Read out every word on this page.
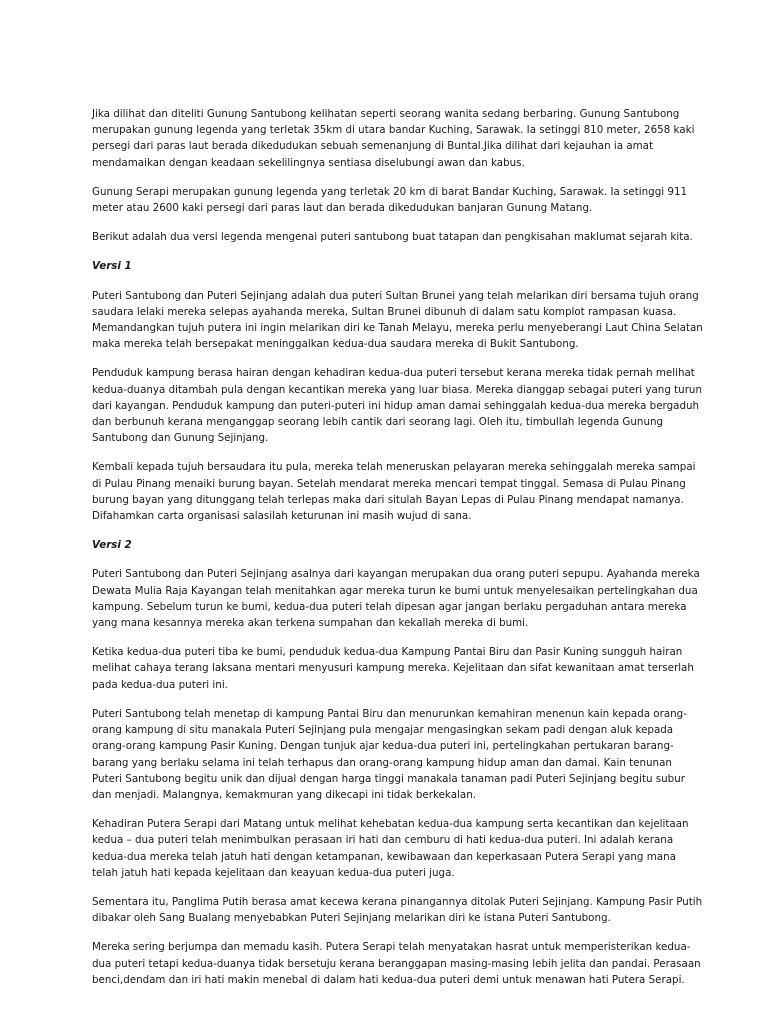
Jika dilihat dan diteliti Gunung Santubong kelihatan seperti seorang wanita sedang berbaring. Gunung Santubong merupakan gunung legenda yang terletak 35km di utara bandar Kuching, Sarawak. Ia setinggi 810 meter, 2658 kaki persegi dari paras laut berada dikedudukan sebuah semenanjung di Buntal.Jika dilihat dari kejauhan ia amat mendamaikan dengan keadaan sekelilingnya sentiasa diselubungi awan dan kabus.

Gunung Serapi merupakan gunung legenda yang terletak 20 km di barat Bandar Kuching, Sarawak. Ia setinggi 911 meter atau 2600 kaki persegi dari paras laut dan berada dikedudukan banjaran Gunung Matang.

Berikut adalah dua versi legenda mengenai puteri santubong buat tatapan dan pengkisahan maklumat sejarah kita.

Versi 1

Puteri Santubong dan Puteri Sejinjang adalah dua puteri Sultan Brunei yang telah melarikan diri bersama tujuh orang saudara lelaki mereka selepas ayahanda mereka, Sultan Brunei dibunuh di dalam satu komplot rampasan kuasa. Memandangkan tujuh putera ini ingin melarikan diri ke Tanah Melayu, mereka perlu menyeberangi Laut China Selatan maka mereka telah bersepakat meninggalkan kedua-dua saudara mereka di Bukit Santubong.

Penduduk kampung berasa hairan dengan kehadiran kedua-dua puteri tersebut kerana mereka tidak pernah melihat kedua-duanya ditambah pula dengan kecantikan mereka yang luar biasa. Mereka dianggap sebagai puteri yang turun dari kayangan. Penduduk kampung dan puteri-puteri ini hidup aman damai sehinggalah kedua-dua mereka bergaduh dan berbunuh kerana menganggap seorang lebih cantik dari seorang lagi. Oleh itu, timbullah legenda Gunung Santubong dan Gunung Sejinjang.

Kembali kepada tujuh bersaudara itu pula, mereka telah meneruskan pelayaran mereka sehinggalah mereka sampai di Pulau Pinang menaiki burung bayan. Setelah mendarat mereka mencari tempat tinggal. Semasa di Pulau Pinang burung bayan yang ditunggang telah terlepas maka dari situlah Bayan Lepas di Pulau Pinang mendapat namanya. Difahamkan carta organisasi salasilah keturunan ini masih wujud di sana.

Versi 2

Puteri Santubong dan Puteri Sejinjang asalnya dari kayangan merupakan dua orang puteri sepupu. Ayahanda mereka Dewata Mulia Raja Kayangan telah menitahkan agar mereka turun ke bumi untuk menyelesaikan pertelingkahan dua kampung. Sebelum turun ke bumi, kedua-dua puteri telah dipesan agar jangan berlaku pergaduhan antara mereka yang mana kesannya mereka akan terkena sumpahan dan kekallah mereka di bumi.

Ketika kedua-dua puteri tiba ke bumi, penduduk kedua-dua Kampung Pantai Biru dan Pasir Kuning sungguh hairan melihat cahaya terang laksana mentari menyusuri kampung mereka. Kejelitaan dan sifat kewanitaan amat terserlah pada kedua-dua puteri ini.

Puteri Santubong telah menetap di kampung Pantai Biru dan menurunkan kemahiran menenun kain kepada orang-orang kampung di situ manakala Puteri Sejinjang pula mengajar mengasingkan sekam padi dengan aluk kepada orang-orang kampung Pasir Kuning. Dengan tunjuk ajar kedua-dua puteri ini, pertelingkahan pertukaran barang-barang yang berlaku selama ini telah terhapus dan orang-orang kampung hidup aman dan damai. Kain tenunan Puteri Santubong begitu unik dan dijual dengan harga tinggi manakala tanaman padi Puteri Sejinjang begitu subur dan menjadi. Malangnya, kemakmuran yang dikecapi ini tidak berkekalan.

Kehadiran Putera Serapi dari Matang untuk melihat kehebatan kedua-dua kampung serta kecantikan dan kejelitaan kedua – dua puteri telah menimbulkan perasaan iri hati dan cemburu di hati kedua-dua puteri. Ini adalah kerana kedua-dua mereka telah jatuh hati dengan ketampanan, kewibawaan dan keperkasaan Putera Serapi yang mana telah jatuh hati kepada kejelitaan dan keayuan kedua-dua puteri juga.

Sementara itu, Panglima Putih berasa amat kecewa kerana pinangannya ditolak Puteri Sejinjang. Kampung Pasir Putih dibakar oleh Sang Bualang menyebabkan Puteri Sejinjang melarikan diri ke istana Puteri Santubong.

Mereka sering berjumpa dan memadu kasih. Putera Serapi telah menyatakan hasrat untuk memperisterikan kedua-dua puteri tetapi kedua-duanya tidak bersetuju kerana beranggapan masing-masing lebih jelita dan pandai. Perasaan benci,dendam dan iri hati makin menebal di dalam hati kedua-dua puteri demi untuk menawan hati Putera Serapi.
